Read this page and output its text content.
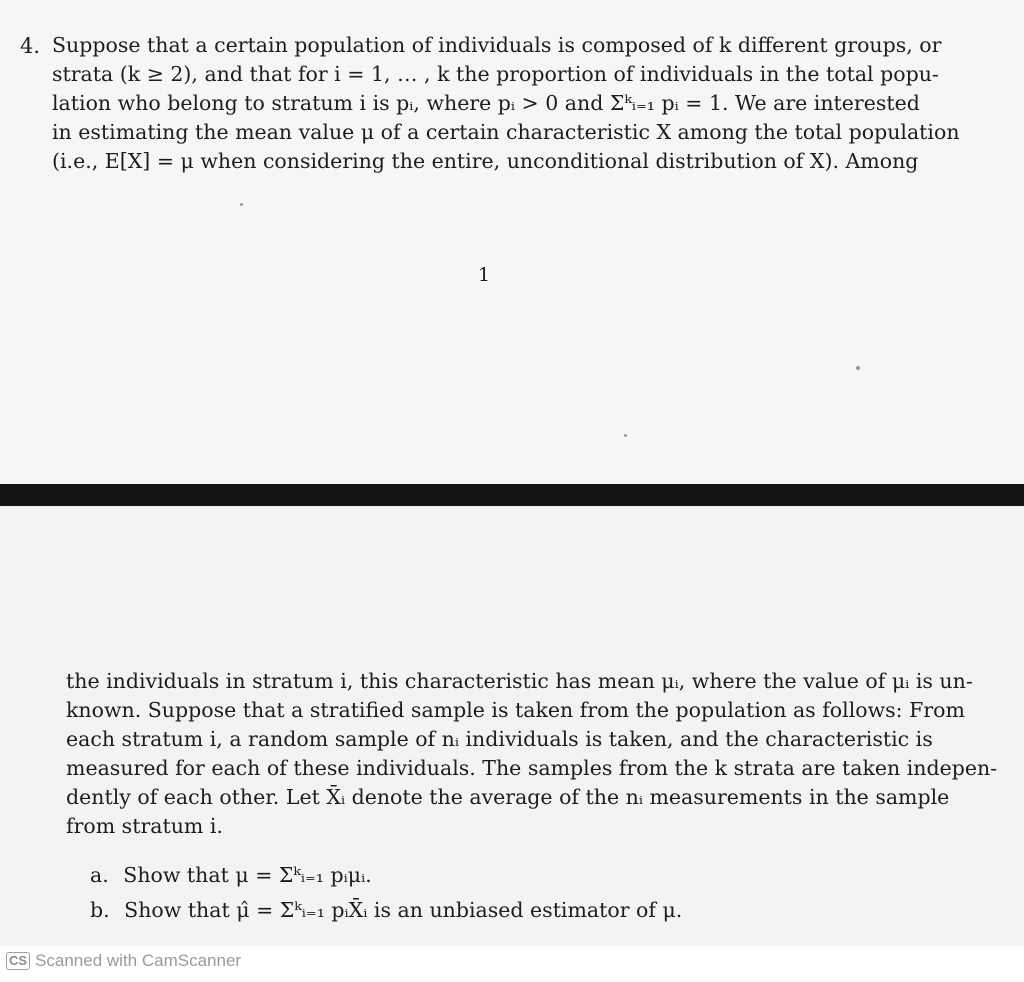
4. Suppose that a certain population of individuals is composed of k different groups, or
strata (k ≥ 2), and that for i = 1, … , k the proportion of individuals in the total popu-
lation who belong to stratum i is pᵢ, where pᵢ > 0 and Σᵏᵢ₌₁ pᵢ = 1. We are interested
in estimating the mean value μ of a certain characteristic X among the total population
(i.e., E[X] = μ when considering the entire, unconditional distribution of X). Among
1
the individuals in stratum i, this characteristic has mean μᵢ, where the value of μᵢ is un-
known. Suppose that a stratified sample is taken from the population as follows: From
each stratum i, a random sample of nᵢ individuals is taken, and the characteristic is
measured for each of these individuals. The samples from the k strata are taken indepen-
dently of each other. Let X̄ᵢ denote the average of the nᵢ measurements in the sample
from stratum i.
a. Show that μ = Σᵏᵢ₌₁ pᵢμᵢ.
b. Show that μ̂ = Σᵏᵢ₌₁ pᵢX̄ᵢ is an unbiased estimator of μ.
CS Scanned with CamScanner
